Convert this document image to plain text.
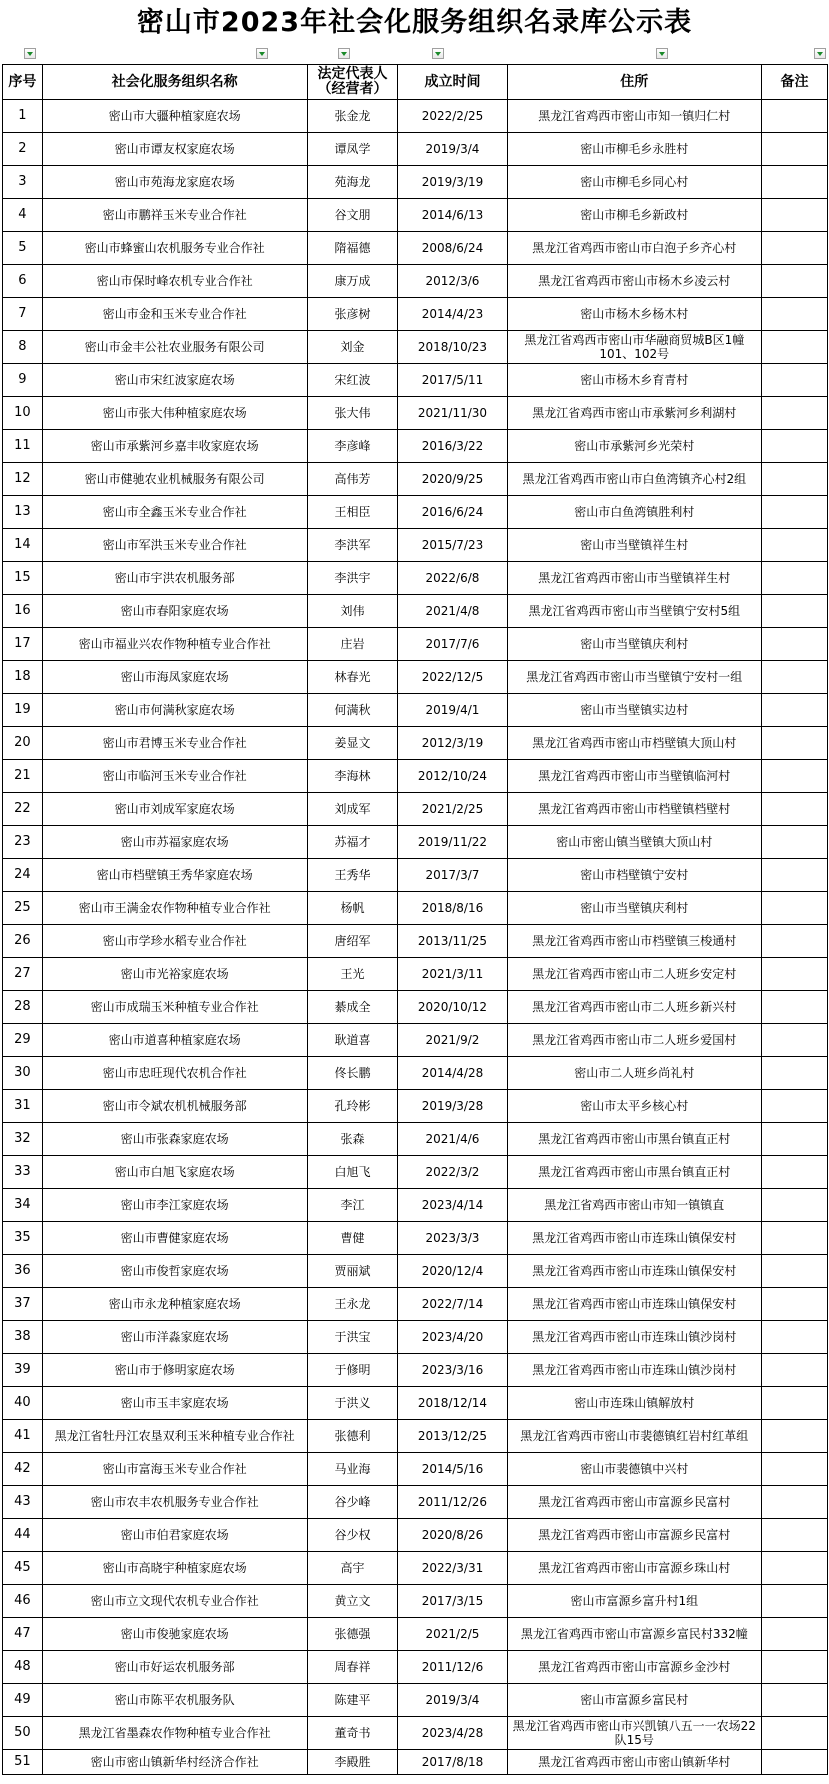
密山市2023年社会化服务组织名录库公示表
序号	社会化服务组织名称	法定代表人（经营者）	成立时间	住所	备注
1	密山市大疆种植家庭农场	张金龙	2022/2/25	黑龙江省鸡西市密山市知一镇归仁村	
2	密山市谭友权家庭农场	谭凤学	2019/3/4	密山市柳毛乡永胜村	
3	密山市苑海龙家庭农场	苑海龙	2019/3/19	密山市柳毛乡同心村	
4	密山市鹏祥玉米专业合作社	谷文朋	2014/6/13	密山市柳毛乡新政村	
5	密山市蜂蜜山农机服务专业合作社	隋福德	2008/6/24	黑龙江省鸡西市密山市白泡子乡齐心村	
6	密山市保时峰农机专业合作社	康万成	2012/3/6	黑龙江省鸡西市密山市杨木乡凌云村	
7	密山市金和玉米专业合作社	张彦树	2014/4/23	密山市杨木乡杨木村	
8	密山市金丰公社农业服务有限公司	刘金	2018/10/23	黑龙江省鸡西市密山市华融商贸城B区1幢101、102号	
9	密山市宋红波家庭农场	宋红波	2017/5/11	密山市杨木乡育青村	
10	密山市张大伟种植家庭农场	张大伟	2021/11/30	黑龙江省鸡西市密山市承紫河乡利湖村	
11	密山市承紫河乡嘉丰收家庭农场	李彦峰	2016/3/22	密山市承紫河乡光荣村	
12	密山市健驰农业机械服务有限公司	高伟芳	2020/9/25	黑龙江省鸡西市密山市白鱼湾镇齐心村2组	
13	密山市全鑫玉米专业合作社	王相臣	2016/6/24	密山市白鱼湾镇胜利村	
14	密山市军洪玉米专业合作社	李洪军	2015/7/23	密山市当壁镇祥生村	
15	密山市宇洪农机服务部	李洪宇	2022/6/8	黑龙江省鸡西市密山市当壁镇祥生村	
16	密山市春阳家庭农场	刘伟	2021/4/8	黑龙江省鸡西市密山市当壁镇宁安村5组	
17	密山市福业兴农作物种植专业合作社	庄岩	2017/7/6	密山市当壁镇庆利村	
18	密山市海凤家庭农场	林春光	2022/12/5	黑龙江省鸡西市密山市当壁镇宁安村一组	
19	密山市何满秋家庭农场	何满秋	2019/4/1	密山市当壁镇实边村	
20	密山市君博玉米专业合作社	姜显文	2012/3/19	黑龙江省鸡西市密山市档壁镇大顶山村	
21	密山市临河玉米专业合作社	李海林	2012/10/24	黑龙江省鸡西市密山市当壁镇临河村	
22	密山市刘成军家庭农场	刘成军	2021/2/25	黑龙江省鸡西市密山市档壁镇档壁村	
23	密山市苏福家庭农场	苏福才	2019/11/22	密山市密山镇当壁镇大顶山村	
24	密山市档壁镇王秀华家庭农场	王秀华	2017/3/7	密山市档壁镇宁安村	
25	密山市王满金农作物种植专业合作社	杨帆	2018/8/16	密山市当壁镇庆利村	
26	密山市学珍水稻专业合作社	唐绍军	2013/11/25	黑龙江省鸡西市密山市档壁镇三梭通村	
27	密山市光裕家庭农场	王光	2021/3/11	黑龙江省鸡西市密山市二人班乡安定村	
28	密山市成瑞玉米种植专业合作社	綦成全	2020/10/12	黑龙江省鸡西市密山市二人班乡新兴村	
29	密山市道喜种植家庭农场	耿道喜	2021/9/2	黑龙江省鸡西市密山市二人班乡爱国村	
30	密山市忠旺现代农机合作社	佟长鹏	2014/4/28	密山市二人班乡尚礼村	
31	密山市令斌农机机械服务部	孔玲彬	2019/3/28	密山市太平乡核心村	
32	密山市张森家庭农场	张森	2021/4/6	黑龙江省鸡西市密山市黑台镇直正村	
33	密山市白旭飞家庭农场	白旭飞	2022/3/2	黑龙江省鸡西市密山市黑台镇直正村	
34	密山市李江家庭农场	李江	2023/4/14	黑龙江省鸡西市密山市知一镇镇直	
35	密山市曹健家庭农场	曹健	2023/3/3	黑龙江省鸡西市密山市连珠山镇保安村	
36	密山市俊哲家庭农场	贾丽斌	2020/12/4	黑龙江省鸡西市密山市连珠山镇保安村	
37	密山市永龙种植家庭农场	王永龙	2022/7/14	黑龙江省鸡西市密山市连珠山镇保安村	
38	密山市洋淼家庭农场	于洪宝	2023/4/20	黑龙江省鸡西市密山市连珠山镇沙岗村	
39	密山市于修明家庭农场	于修明	2023/3/16	黑龙江省鸡西市密山市连珠山镇沙岗村	
40	密山市玉丰家庭农场	于洪义	2018/12/14	密山市连珠山镇解放村	
41	黑龙江省牡丹江农垦双利玉米种植专业合作社	张德利	2013/12/25	黑龙江省鸡西市密山市裴德镇红岩村红革组	
42	密山市富海玉米专业合作社	马业海	2014/5/16	密山市裴德镇中兴村	
43	密山市农丰农机服务专业合作社	谷少峰	2011/12/26	黑龙江省鸡西市密山市富源乡民富村	
44	密山市伯君家庭农场	谷少权	2020/8/26	黑龙江省鸡西市密山市富源乡民富村	
45	密山市高晓宇种植家庭农场	高宇	2022/3/31	黑龙江省鸡西市密山市富源乡珠山村	
46	密山市立文现代农机专业合作社	黄立文	2017/3/15	密山市富源乡富升村1组	
47	密山市俊驰家庭农场	张德强	2021/2/5	黑龙江省鸡西市密山市富源乡富民村332幢	
48	密山市好运农机服务部	周春祥	2011/12/6	黑龙江省鸡西市密山市富源乡金沙村	
49	密山市陈平农机服务队	陈建平	2019/3/4	密山市富源乡富民村	
50	黑龙江省墨森农作物种植专业合作社	董奇书	2023/4/28	黑龙江省鸡西市密山市兴凯镇八五一一农场22队15号	
51	密山市密山镇新华村经济合作社	李殿胜	2017/8/18	黑龙江省鸡西市密山市密山镇新华村	
